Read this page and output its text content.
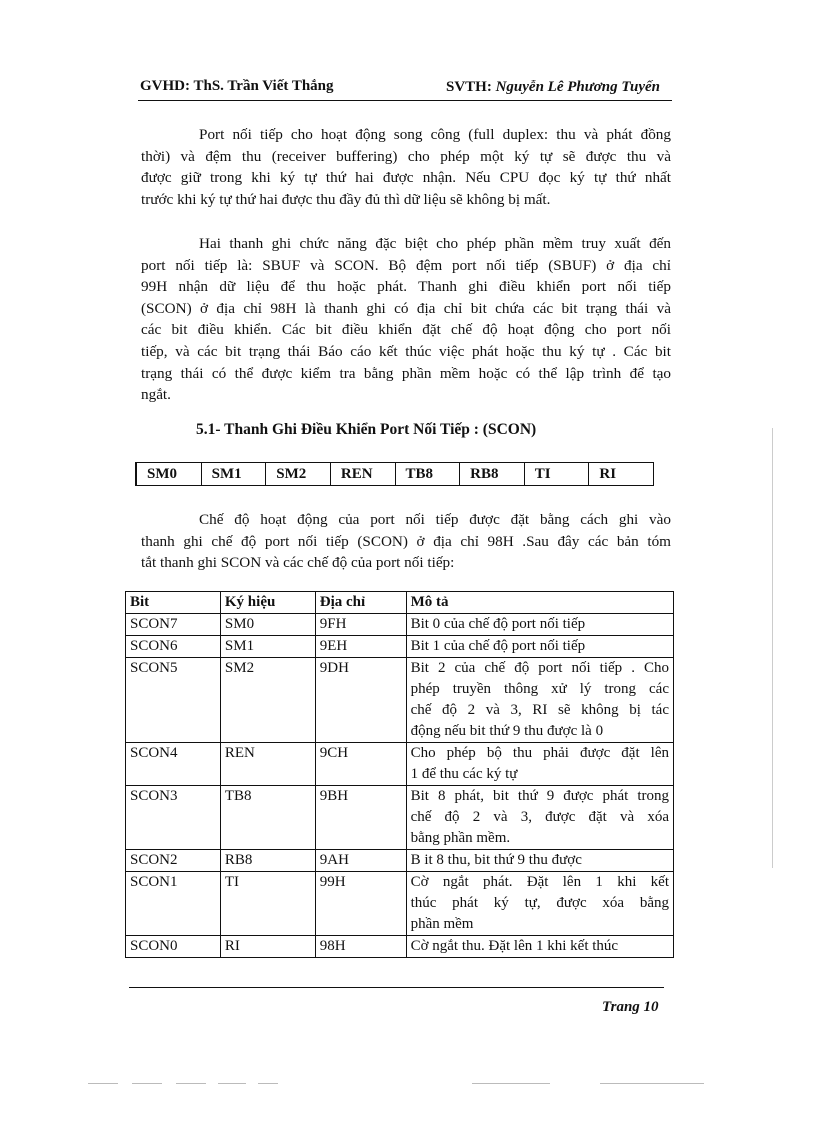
GVHD: ThS. Trần Viết Thắng	SVTH: Nguyễn Lê Phương Tuyến
Port nối tiếp cho hoạt động song công (full duplex: thu và phát đồng
thời) và đệm thu (receiver buffering) cho phép một ký tự sẽ được thu và
được giữ trong khi ký tự thứ hai được nhận. Nếu CPU đọc ký tự thứ nhất
trước khi ký tự thứ hai được thu đầy đủ thì dữ liệu sẽ không bị mất.
Hai thanh ghi chức năng đặc biệt cho phép phần mềm truy xuất đến
port nối tiếp là: SBUF và SCON. Bộ đệm port nối tiếp (SBUF) ở địa chỉ
99H nhận dữ liệu để thu hoặc phát. Thanh ghi điều khiển port nối tiếp
(SCON) ở địa chỉ 98H là thanh ghi có địa chỉ bit chứa các bit trạng thái và
các bit điều khiển. Các bit điều khiển đặt chế độ hoạt động cho port nối
tiếp, và các bit trạng thái Báo cáo kết thúc việc phát hoặc thu ký tự . Các bit
trạng thái có thể được kiểm tra bằng phần mềm hoặc có thể lập trình để tạo
ngắt.
5.1- Thanh Ghi Điều Khiển Port Nối Tiếp : (SCON)
SM0	SM1	SM2	REN	TB8	RB8	TI	RI
Chế độ hoạt động của port nối tiếp được đặt bằng cách ghi vào
thanh ghi chế độ port nối tiếp (SCON) ở địa chỉ 98H .Sau đây các bản tóm
tắt thanh ghi SCON và các chế độ của port nối tiếp:
Bit	Ký hiệu	Địa chỉ	Mô tả
SCON7	SM0	9FH	Bit 0 của chế độ port nối tiếp

SCON6	SM1	9EH	Bit 1 của chế độ port nối tiếp

SCON5	SM2	9DH	Bit 2 của chế độ port nối tiếp . Cho
phép truyền thông xử lý trong các
chế độ 2 và 3, RI sẽ không bị tác
động nếu bit thứ 9 thu được là 0

SCON4	REN	9CH	Cho phép bộ thu phải được đặt lên
1 để thu các ký tự

SCON3	TB8	9BH	Bit 8 phát, bit thứ 9 được phát trong
chế độ 2 và 3, được đặt và xóa
bằng phần mềm.

SCON2	RB8	9AH	B it 8 thu, bit thứ 9 thu được

SCON1	TI	99H	Cờ ngắt phát. Đặt lên 1 khi kết
thúc phát ký tự, được xóa bằng
phần mềm

SCON0	RI	98H	Cờ ngắt thu. Đặt lên 1 khi kết thúc
Trang 10
